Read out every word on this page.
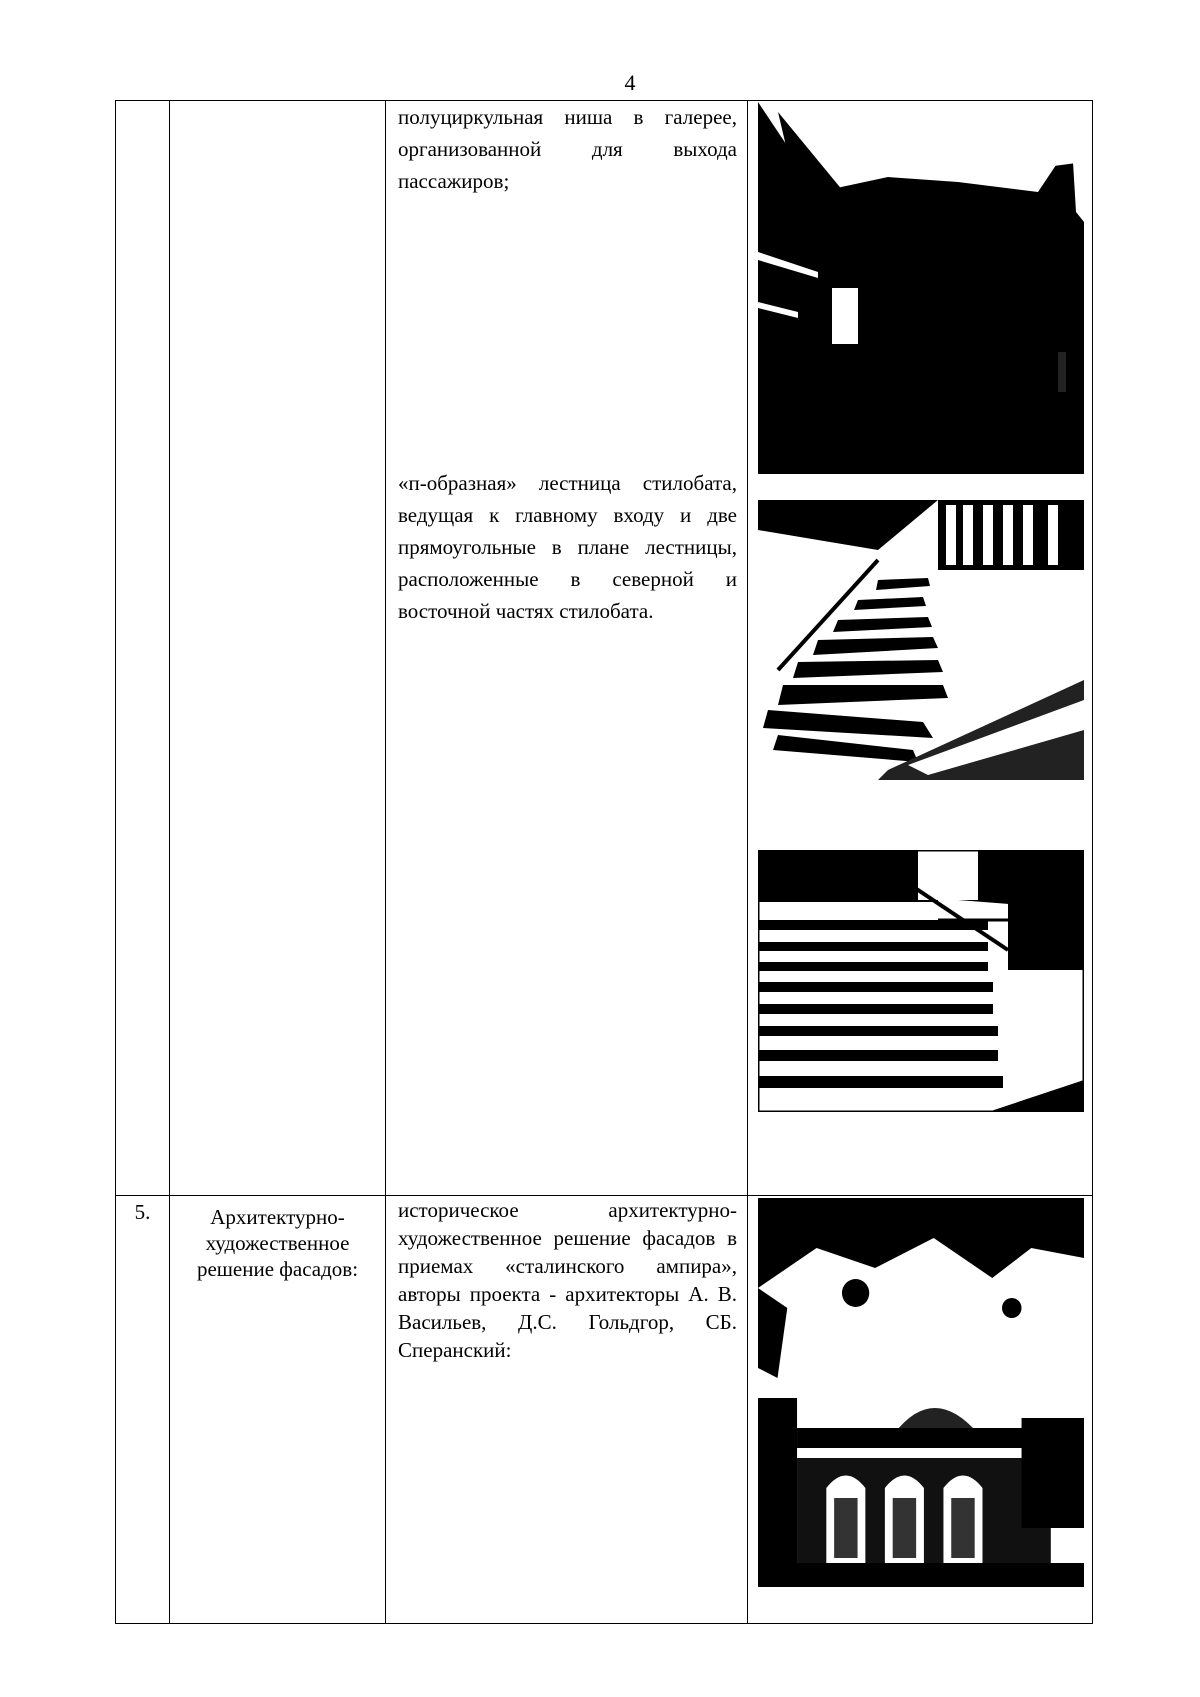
4

		полуциркульная ниша в галерее, организованной для выхода пассажиров;
«п-образная» лестница стилобата, ведущая к главному входу и две прямоугольные в плане лестницы, расположенные в северной и восточной частях стилобата.

5.	Архитектурно-художественное решение фасадов:	историческое архитектурно-художественное решение фасадов в приемах «сталинского ампира», авторы проекта - архитекторы А. В. Васильев, Д.С. Гольдгор, СБ. Сперанский:
